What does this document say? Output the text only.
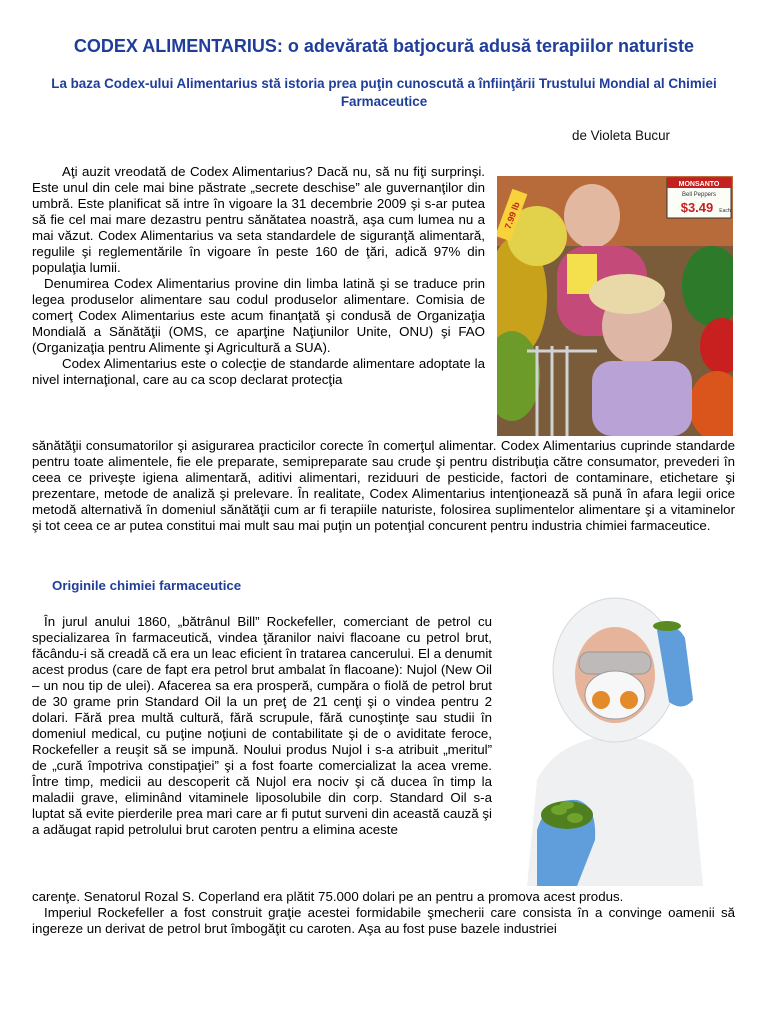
CODEX ALIMENTARIUS: o adevărată batjocură adusă terapiilor naturiste
La baza Codex-ului Alimentarius stă istoria prea puţin cunoscută a înfiinţării Trustului Mondial al Chimiei Farmaceutice

de Violeta Bucur

Aţi auzit vreodată de Codex Alimentarius? Dacă nu, să nu fiţi surprinşi. Este unul din cele mai bine păstrate „secrete deschise” ale guvernanţilor din umbră. Este planificat să intre în vigoare la 31 decembrie 2009 şi s-ar putea să fie cel mai mare dezastru pentru sănătatea noastră, aşa cum lumea nu a mai văzut. Codex Alimentarius va seta standardele de siguranţă alimentară, regulile şi reglementările în vigoare în peste 160 de ţări, adică 97% din populaţia lumii.

Denumirea Codex Alimentarius provine din limba latină şi se traduce prin legea produselor alimentare sau codul produselor alimentare. Comisia de comerţ Codex Alimentarius este acum finanţată şi condusă de Organizaţia Mondială a Sănătăţii (OMS, ce aparţine Naţiunilor Unite, ONU) şi FAO (Organizaţia pentru Alimente şi Agricultură a SUA).

Codex Alimentarius este o colecţie de standarde alimentare adoptate la nivel internaţional, care au ca scop declarat protecţia

sănătăţii consumatorilor şi asigurarea practicilor corecte în comerţul alimentar. Codex Alimentarius cuprinde standarde pentru toate alimentele, fie ele preparate, semipreparate sau crude şi pentru distribuţia către consumator, prevederi în ceea ce priveşte igiena alimentară, aditivi alimentari, reziduuri de pesticide, factori de contaminare, etichetare şi prezentare, metode de analiză şi prelevare. În realitate, Codex Alimentarius intenţionează să pună în afara legii orice metodă alternativă în domeniul sănătăţii cum ar fi terapiile naturiste, folosirea suplimentelor alimentare şi a vitaminelor şi tot ceea ce ar putea constitui mai mult sau mai puţin un potenţial concurent pentru industria chimiei farmaceutice.

MONSANTO
Bell Peppers
$3.49 Each
7.99 lb
Originile chimiei farmaceutice

În jurul anului 1860, „bătrânul Bill” Rockefeller, comerciant de petrol cu specializarea în farmaceutică, vindea ţăranilor naivi flacoane cu petrol brut, făcându-i să creadă că era un leac eficient în tratarea cancerului. El a denumit acest produs (care de fapt era petrol brut ambalat în flacoane): Nujol (New Oil – un nou tip de ulei). Afacerea sa era prosperă, cumpăra o fiolă de petrol brut de 30 grame prin Standard Oil la un preţ de 21 cenţi şi o vindea pentru 2 dolari. Fără prea multă cultură, fără scrupule, fără cunoştinţe sau studii în domeniul medical, cu puţine noţiuni de contabilitate şi de o aviditate feroce, Rockefeller a reuşit să se impună. Noului produs Nujol i s-a atribuit „meritul” de „cură împotriva constipaţiei” şi a fost foarte comercializat la acea vreme. Între timp, medicii au descoperit că Nujol era nociv şi că ducea în timp la maladii grave, eliminând vitaminele liposolubile din corp. Standard Oil s-a luptat să evite pierderile prea mari care ar fi putut surveni din această cauză şi a adăugat rapid petrolului brut caroten pentru a elimina aceste

carenţe. Senatorul Rozal S. Coperland era plătit 75.000 dolari pe an pentru a promova acest produs.

Imperiul Rockefeller a fost construit graţie acestei formidabile şmecherii care consista în a convinge oamenii să ingereze un derivat de petrol brut îmbogăţit cu caroten. Aşa au fost puse bazele industriei
